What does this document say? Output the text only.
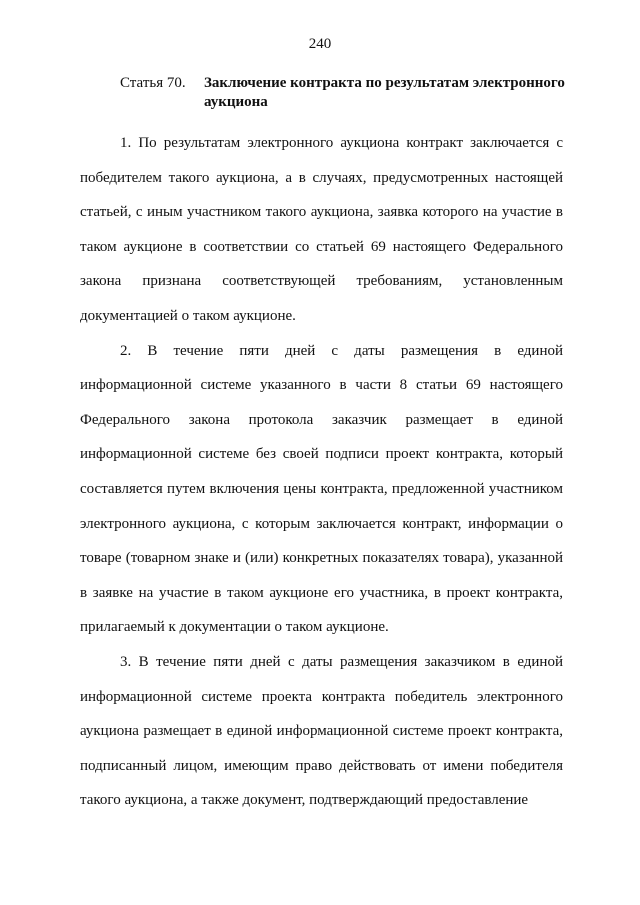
240
Статья 70. Заключение контракта по результатам электронного аукциона

1. По результатам электронного аукциона контракт заключается с победителем такого аукциона, а в случаях, предусмотренных настоящей статьей, с иным участником такого аукциона, заявка которого на участие в таком аукционе в соответствии со статьей 69 настоящего Федерального закона признана соответствующей требованиям, установленным документацией о таком аукционе.

2. В течение пяти дней с даты размещения в единой информационной системе указанного в части 8 статьи 69 настоящего Федерального закона протокола заказчик размещает в единой информационной системе без своей подписи проект контракта, который составляется путем включения цены контракта, предложенной участником электронного аукциона, с которым заключается контракт, информации о товаре (товарном знаке и (или) конкретных показателях товара), указанной в заявке на участие в таком аукционе его участника, в проект контракта, прилагаемый к документации о таком аукционе.

3. В течение пяти дней с даты размещения заказчиком в единой информационной системе проекта контракта победитель электронного аукциона размещает в единой информационной системе проект контракта, подписанный лицом, имеющим право действовать от имени победителя такого аукциона, а также документ, подтверждающий предоставление
